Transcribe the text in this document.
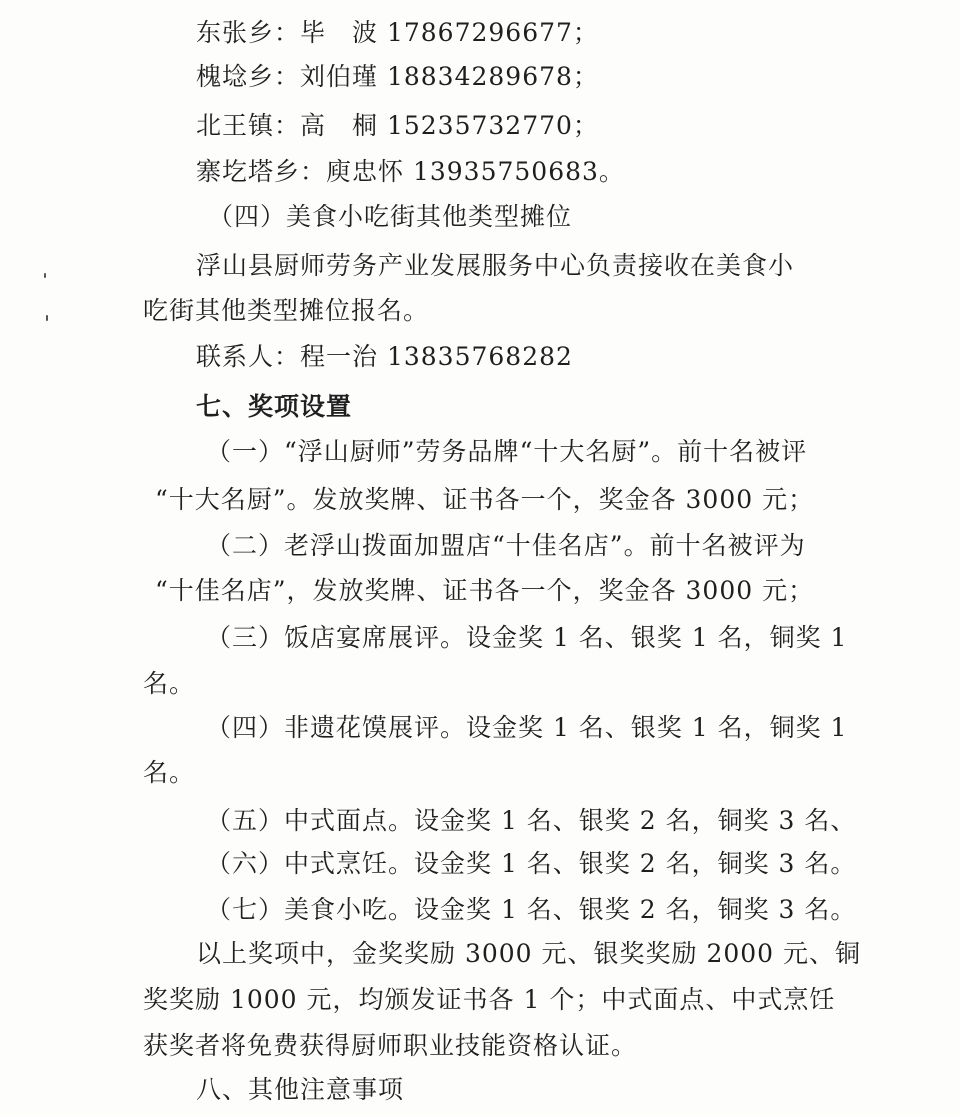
东张乡：毕　波 17867296677；
槐埝乡：刘伯瑾 18834289678；
北王镇：高　桐 15235732770；
寨圪塔乡：庾忠怀 13935750683。
（四）美食小吃街其他类型摊位
浮山县厨师劳务产业发展服务中心负责接收在美食小
吃街其他类型摊位报名。
联系人：程一治 13835768282
七、奖项设置
（一）“浮山厨师”劳务品牌“十大名厨”。前十名被评
“十大名厨”。发放奖牌、证书各一个，奖金各 3000 元；
（二）老浮山拨面加盟店“十佳名店”。前十名被评为
“十佳名店”，发放奖牌、证书各一个，奖金各 3000 元；
（三）饭店宴席展评。设金奖 1 名、银奖 1 名，铜奖 1
名。
（四）非遗花馍展评。设金奖 1 名、银奖 1 名，铜奖 1
名。
（五）中式面点。设金奖 1 名、银奖 2 名，铜奖 3 名、
（六）中式烹饪。设金奖 1 名、银奖 2 名，铜奖 3 名。
（七）美食小吃。设金奖 1 名、银奖 2 名，铜奖 3 名。
以上奖项中，金奖奖励 3000 元、银奖奖励 2000 元、铜
奖奖励 1000 元，均颁发证书各 1 个；中式面点、中式烹饪
获奖者将免费获得厨师职业技能资格认证。
八、其他注意事项
